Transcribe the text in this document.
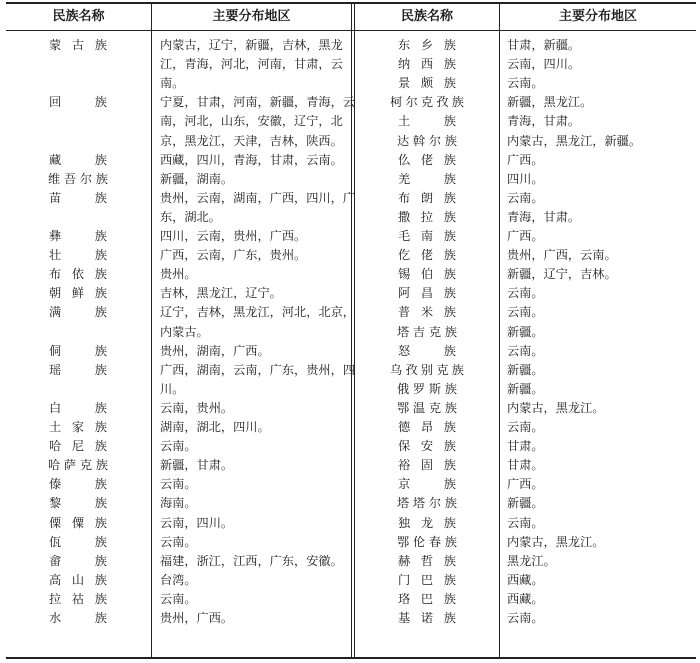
民族名称	主要分布地区	民族名称	主要分布地区
蒙古族	内蒙古，辽宁，新疆，吉林，黑龙
江，青海，河北，河南，甘肃，云
南。
回族	宁夏，甘肃，河南，新疆，青海，云
南，河北，山东，安徽，辽宁，北
京，黑龙江，天津，吉林，陕西。
藏族	西藏，四川，青海，甘肃，云南。
维吾尔族	新疆，湖南。
苗族	贵州，云南，湖南，广西，四川，广
东，湖北。
彝族	四川，云南，贵州，广西。
壮族	广西，云南，广东，贵州。
布依族	贵州。
朝鲜族	吉林，黑龙江，辽宁。
满族	辽宁，吉林，黑龙江，河北，北京，
内蒙古。
侗族	贵州，湖南，广西。
瑶族	广西，湖南，云南，广东，贵州，四
川。
白族	云南，贵州。
土家族	湖南，湖北，四川。
哈尼族	云南。
哈萨克族	新疆，甘肃。
傣族	云南。
黎族	海南。
傈僳族	云南，四川。
佤族	云南。
畲族	福建，浙江，江西，广东，安徽。
高山族	台湾。
拉祜族	云南。
水族	贵州，广西。
东乡族	甘肃，新疆。
纳西族	云南，四川。
景颇族	云南。
柯尔克孜族	新疆，黑龙江。
土族	青海，甘肃。
达斡尔族	内蒙古，黑龙江，新疆。
仫佬族	广西。
羌族	四川。
布朗族	云南。
撒拉族	青海，甘肃。
毛南族	广西。
仡佬族	贵州，广西，云南。
锡伯族	新疆，辽宁，吉林。
阿昌族	云南。
普米族	云南。
塔吉克族	新疆。
怒族	云南。
乌孜别克族	新疆。
俄罗斯族	新疆。
鄂温克族	内蒙古，黑龙江。
德昂族	云南。
保安族	甘肃。
裕固族	甘肃。
京族	广西。
塔塔尔族	新疆。
独龙族	云南。
鄂伦春族	内蒙古，黑龙江。
赫哲族	黑龙江。
门巴族	西藏。
珞巴族	西藏。
基诺族	云南。
